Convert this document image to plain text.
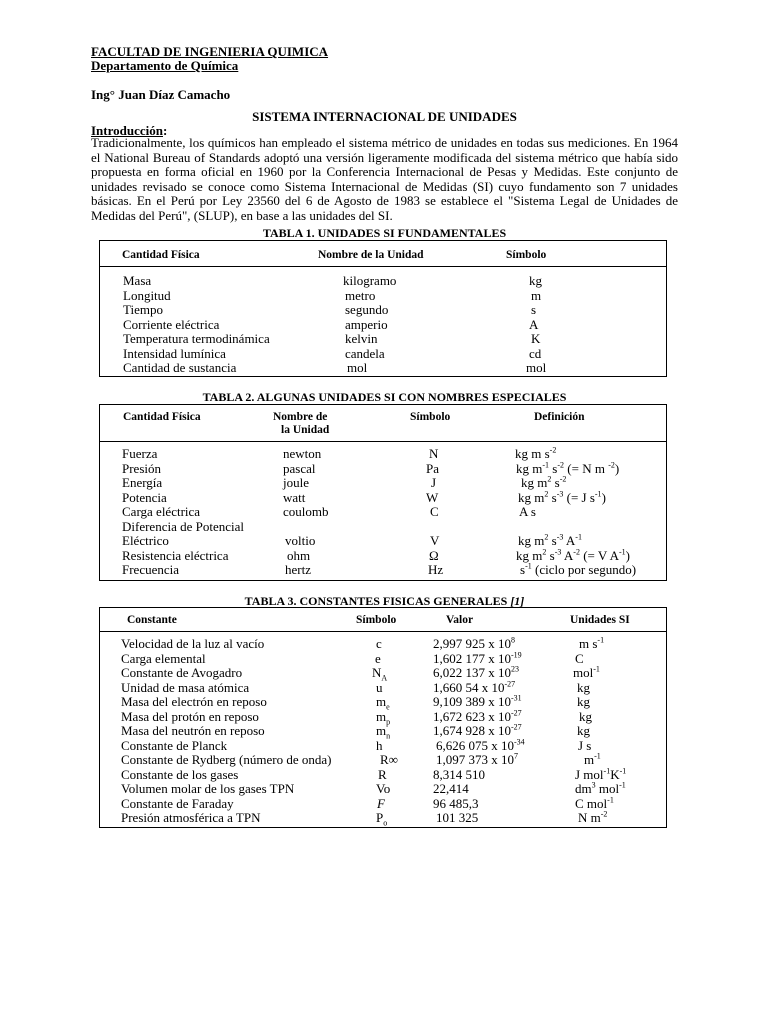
FACULTAD DE INGENIERIA QUIMICA
Departamento de Química
Ing° Juan Díaz Camacho
SISTEMA INTERNACIONAL DE UNIDADES
Introducción:
Tradicionalmente, los químicos han empleado el sistema métrico de unidades en todas sus mediciones. En 1964 el National Bureau of Standards adoptó una versión ligeramente modificada del sistema métrico que había sido propuesta en forma oficial en 1960 por la Conferencia Internacional de Pesas y Medidas. Este conjunto de unidades revisado se conoce como Sistema Internacional de Medidas (SI) cuyo fundamento son 7 unidades básicas. En el Perú por Ley 23560 del 6 de Agosto de 1983 se establece el "Sistema Legal de Unidades de Medidas del Perú", (SLUP), en base a las unidades del SI.
TABLA 1. UNIDADES SI FUNDAMENTALES
Cantidad Física	Nombre de la Unidad	Símbolo
Masa	kilogramo	kg
Longitud	metro	m
Tiempo	segundo	s
Corriente eléctrica	amperio	A
Temperatura termodinámica	kelvin	K
Intensidad lumínica	candela	cd
Cantidad de sustancia	mol	mol
TABLA 2. ALGUNAS UNIDADES SI CON NOMBRES ESPECIALES
Cantidad Física	Nombre de
la Unidad
Símbolo	Definición
Fuerza	newton	N	kg m $s^{-2}$
Presión	pascal	Pa	kg $m^{-1}$ $s^{-2}$ (= N m $^{-2}$)
Energía	joule	J	kg $m^2$ $s^{-2}$
Potencia	watt	W	kg $m^2$ $s^{-3}$ (= J $s^{-1}$)
Carga eléctrica	coulomb	C	A s
Diferencia de Potencial
Eléctrico	voltio	V	kg $m^2$ $s^{-3}$ $A^{-1}$
Resistencia eléctrica	ohm	Ω	kg $m^2$ $s^{-3}$ $A^{-2}$ (= V $A^{-1}$)
Frecuencia	hertz	Hz	$s^{-1}$ (ciclo por segundo)
TABLA 3. CONSTANTES FISICAS GENERALES [1]
Constante	Símbolo	Valor	Unidades SI
Velocidad de la luz al vacío	c	2,997 925 x $10^8$	m $s^{-1}$
Carga elemental	e	1,602 177 x $10^{-19}$	C
Constante de Avogadro	$N_A$	6,022 137 x $10^{23}$	mol$^{-1}$
Unidad de masa atómica	u	1,660 54 x $10^{-27}$	kg
Masa del electrón en reposo	$m_e$	9,109 389 x $10^{-31}$	kg
Masa del protón en reposo	$m_p$	1,672 623 x $10^{-27}$	kg
Masa del neutrón en reposo	$m_n$	1,674 928 x $10^{-27}$	kg
Constante de Planck	h	6,626 075 x $10^{-34}$	J s
Constante de Rydberg (número de onda)	R∞	1,097 373 x $10^7$	$m^{-1}$
Constante de los gases	R	8,314 510	J $mol^{-1}K^{-1}$
Volumen molar de los gases TPN	Vo	22,414	$dm^3$ mol$^{-1}$
Constante de Faraday	F	96 485,3	C mol$^{-1}$
Presión atmosférica a TPN	$P_o$	101 325	N $m^{-2}$
